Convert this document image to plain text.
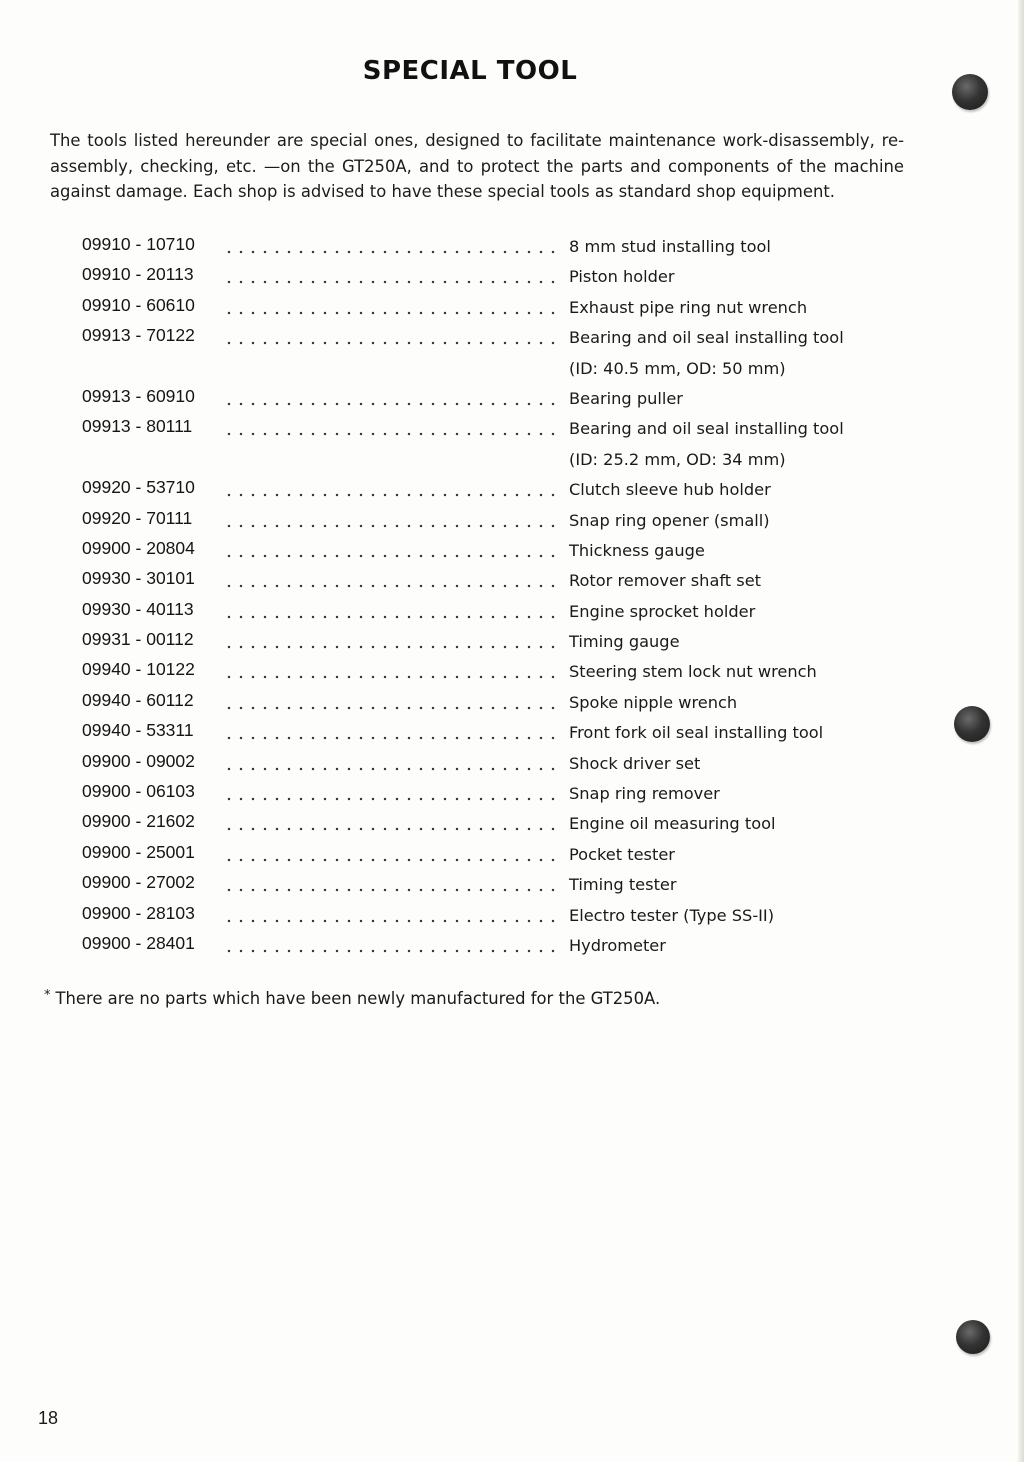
SPECIAL TOOL

The tools listed hereunder are special ones, designed to facilitate maintenance work-disassembly, re-assembly, checking, etc. —on the GT250A, and to protect the parts and components of the machine against damage. Each shop is advised to have these special tools as standard shop equipment.

09910 - 10710	8 mm stud installing tool
09910 - 20113	Piston holder
09910 - 60610	Exhaust pipe ring nut wrench
09913 - 70122	Bearing and oil seal installing tool
(ID: 40.5 mm, OD: 50 mm)
09913 - 60910	Bearing puller
09913 - 80111	Bearing and oil seal installing tool
(ID: 25.2 mm, OD: 34 mm)
09920 - 53710	Clutch sleeve hub holder
09920 - 70111	Snap ring opener (small)
09900 - 20804	Thickness gauge
09930 - 30101	Rotor remover shaft set
09930 - 40113	Engine sprocket holder
09931 - 00112	Timing gauge
09940 - 10122	Steering stem lock nut wrench
09940 - 60112	Spoke nipple wrench
09940 - 53311	Front fork oil seal installing tool
09900 - 09002	Shock driver set
09900 - 06103	Snap ring remover
09900 - 21602	Engine oil measuring tool
09900 - 25001	Pocket tester
09900 - 27002	Timing tester
09900 - 28103	Electro tester (Type SS-II)
09900 - 28401	Hydrometer
* There are no parts which have been newly manufactured for the GT250A.
18
